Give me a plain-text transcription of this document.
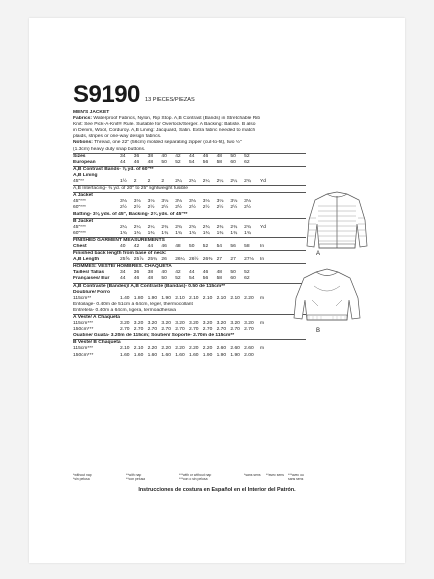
S9190 13 PIECES/PIEZAS
MEN'S JACKET
Fabrics: Waterproof Fabrics, Nylon, Rip Stop. A,B Contrast (Bands) in Stretchable Rib
Knit: See Pick-A-Knit® Rule. Suitable for Overlock/Serger. A Backing: Batiste. B also
in Denim, Wool, Corduroy. A,B Lining: Jacquard, Satin. Extra fabric needed to match
plaids, stripes or one-way design fabrics.
Notions: Thread, one 22" (56cm) molded separating zipper (cut-to-fit), two ½"
(1.3cm) heavy duty snap buttons.
Sizes	34	36	38	40	42	44	46	48	50	52
European	44	46	48	50	52	54	56	58	60	62
A,B Contrast Bands- ⅞ yd. of 60"**
A,B Lining
45"**	1½	2	2	2	2¼	2¼	2¼	2¼	2¼	2¾	Yd
A,B Interfacing- ¾ yd. of 20" to 25" lightweight fusible
A Jacket
45"***	3⅛	3⅛	3⅛	3⅛	3⅛	3⅛	3⅛	3⅛	3⅛	3⅛
60"***	2½	2½	2½	2½	2½	2½	2½	2½	2½	2½
Batting- 3⅛ yds. of 45", Backing- 2¾ yds. of 45"**
B Jacket
45"***	2¼	2¼	2¼	2¾	2¾	2¾	2¾	2¾	2¾	2¾	Yd
60"***	1¾	1¾	1¾	1¾	1¾	1¾	1¾	1¾	1¾	1¾
FINISHED GARMENT MEASUREMENTS
Chest	40	42	44	46	48	50	52	54	56	58	In
Finished back length from base of neck:
A,B Length	25⅝ 25⅞ 25¾ 26	26¼ 26½ 26⅜ 27	27	27⅛	In
HOMMES: VESTE/ HOMBRES. CHAQUETA
Tailles/ Tallas	34	36	38	40	42	44	46	48	50	52
Françaises/ Eur	44	46	48	50	52	54	56	58	60	62
A,B Contraste (Bandes)/ A,B Contraste (Bandas)- 0.50 de 115cm**
Doublure/ Forro
115cm**	1.40 1.80 1.90 1.90 2.10 2.10 2.10 2.10 2.10 2.20	m
Entoilage- 0.40m de 51cm à 64cm, léger, thermocollant
Entretela- 0.40m a 64cm, ligera, termoadhesiva
A Veste/ A Chaqueta
115cm***	3.20 3.20 3.20 3.20 3.20 3.20 3.20 3.20 3.20 3.20	m
150cm***	2.70 2.70 2.70 2.70 2.70 2.70 2.70 2.70 2.70 2.70
Ouatine/ Guata- 3.20m de 115cm; Soutien/ Soporte- 2.70m de 115cm**
B Veste/ B Chaqueta
115cm***	2.10 2.10 2.20 2.20 2.20 2.20 2.20 2.60 2.60 2.60	m
150cm***	1.60 1.60 1.60 1.60 1.60 1.60 1.90 1.90 1.90 2.00
*without nap	**with nap	***with or without nap
*sin pelusa	**con pelusa	***con o sin pelusa
*sans sens	**avec sens	***avec ou sans sens
Instrucciones de costura en Español en el Interior del Patrón.
A
B
